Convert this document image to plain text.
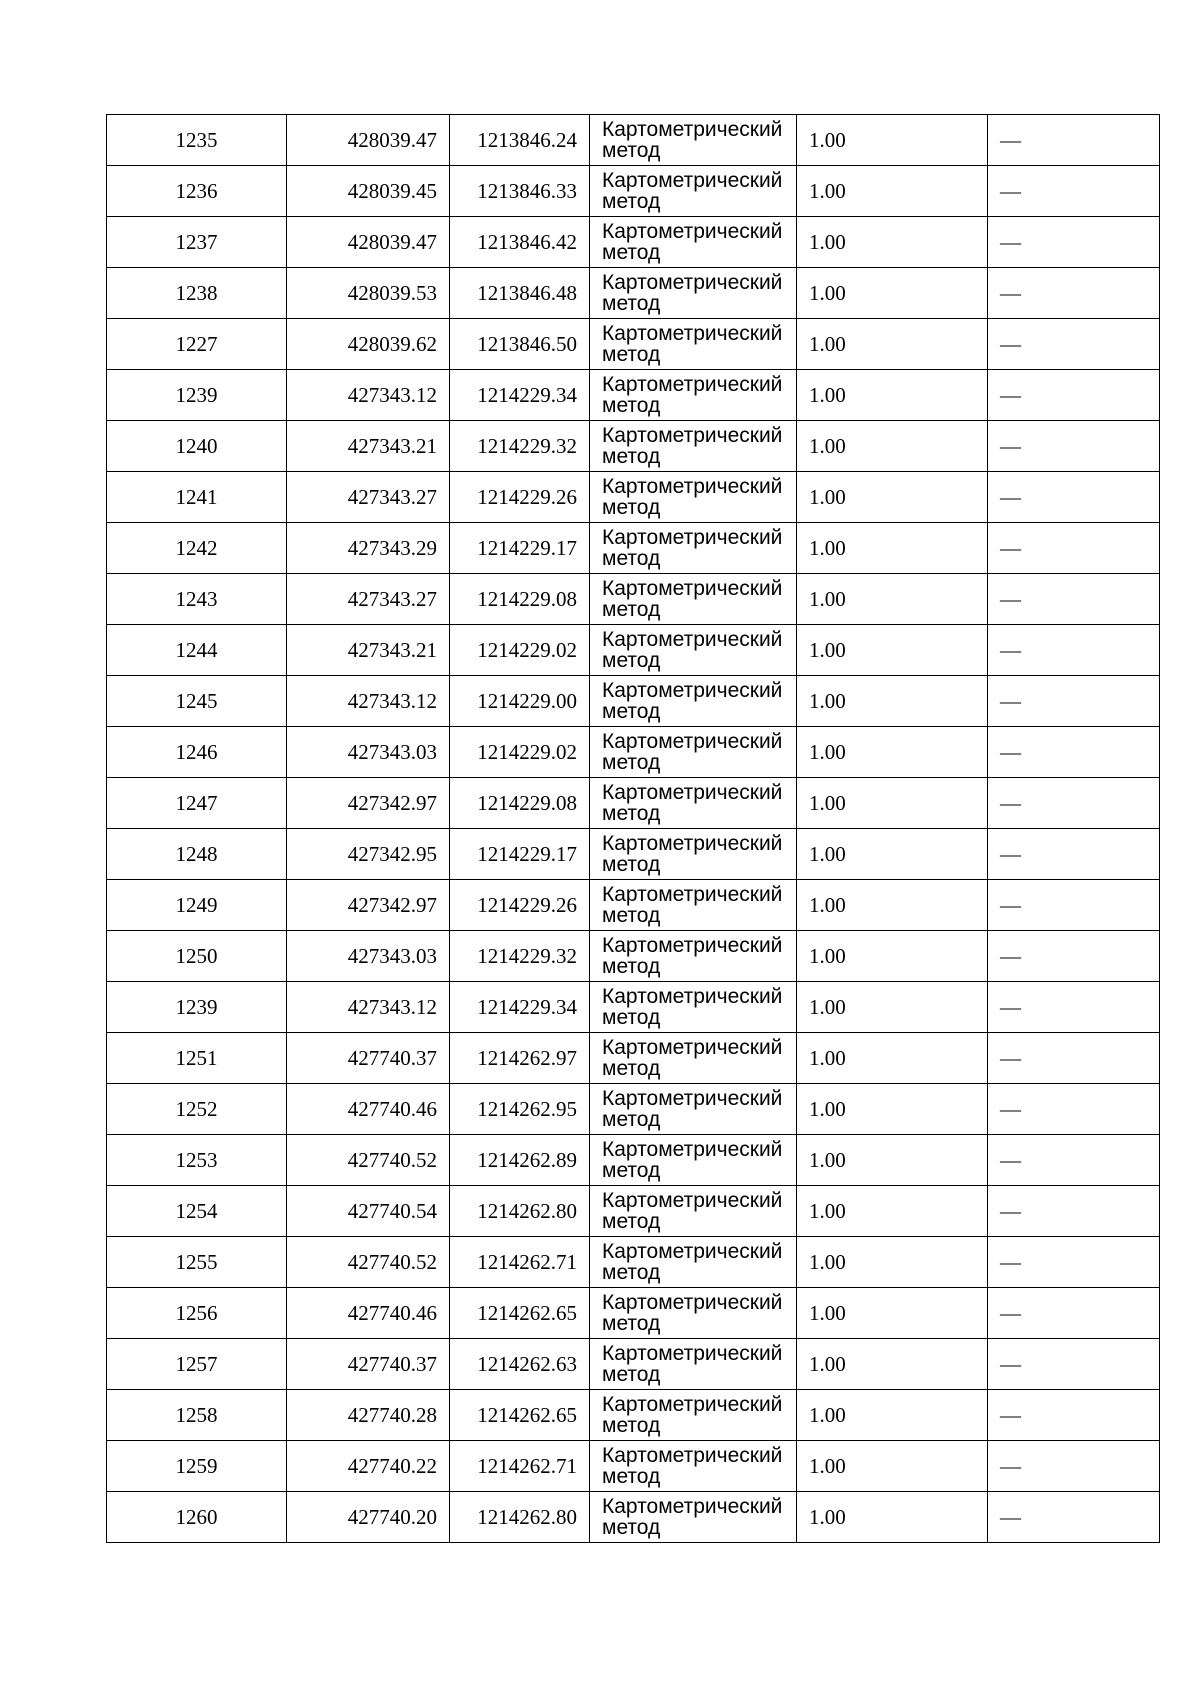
1235	428039.47	1213846.24	Картометрический
метод	1.00	—
1236	428039.45	1213846.33	Картометрический
метод	1.00	—
1237	428039.47	1213846.42	Картометрический
метод	1.00	—
1238	428039.53	1213846.48	Картометрический
метод	1.00	—
1227	428039.62	1213846.50	Картометрический
метод	1.00	—
1239	427343.12	1214229.34	Картометрический
метод	1.00	—
1240	427343.21	1214229.32	Картометрический
метод	1.00	—
1241	427343.27	1214229.26	Картометрический
метод	1.00	—
1242	427343.29	1214229.17	Картометрический
метод	1.00	—
1243	427343.27	1214229.08	Картометрический
метод	1.00	—
1244	427343.21	1214229.02	Картометрический
метод	1.00	—
1245	427343.12	1214229.00	Картометрический
метод	1.00	—
1246	427343.03	1214229.02	Картометрический
метод	1.00	—
1247	427342.97	1214229.08	Картометрический
метод	1.00	—
1248	427342.95	1214229.17	Картометрический
метод	1.00	—
1249	427342.97	1214229.26	Картометрический
метод	1.00	—
1250	427343.03	1214229.32	Картометрический
метод	1.00	—
1239	427343.12	1214229.34	Картометрический
метод	1.00	—
1251	427740.37	1214262.97	Картометрический
метод	1.00	—
1252	427740.46	1214262.95	Картометрический
метод	1.00	—
1253	427740.52	1214262.89	Картометрический
метод	1.00	—
1254	427740.54	1214262.80	Картометрический
метод	1.00	—
1255	427740.52	1214262.71	Картометрический
метод	1.00	—
1256	427740.46	1214262.65	Картометрический
метод	1.00	—
1257	427740.37	1214262.63	Картометрический
метод	1.00	—
1258	427740.28	1214262.65	Картометрический
метод	1.00	—
1259	427740.22	1214262.71	Картометрический
метод	1.00	—
1260	427740.20	1214262.80	Картометрический
метод	1.00	—
